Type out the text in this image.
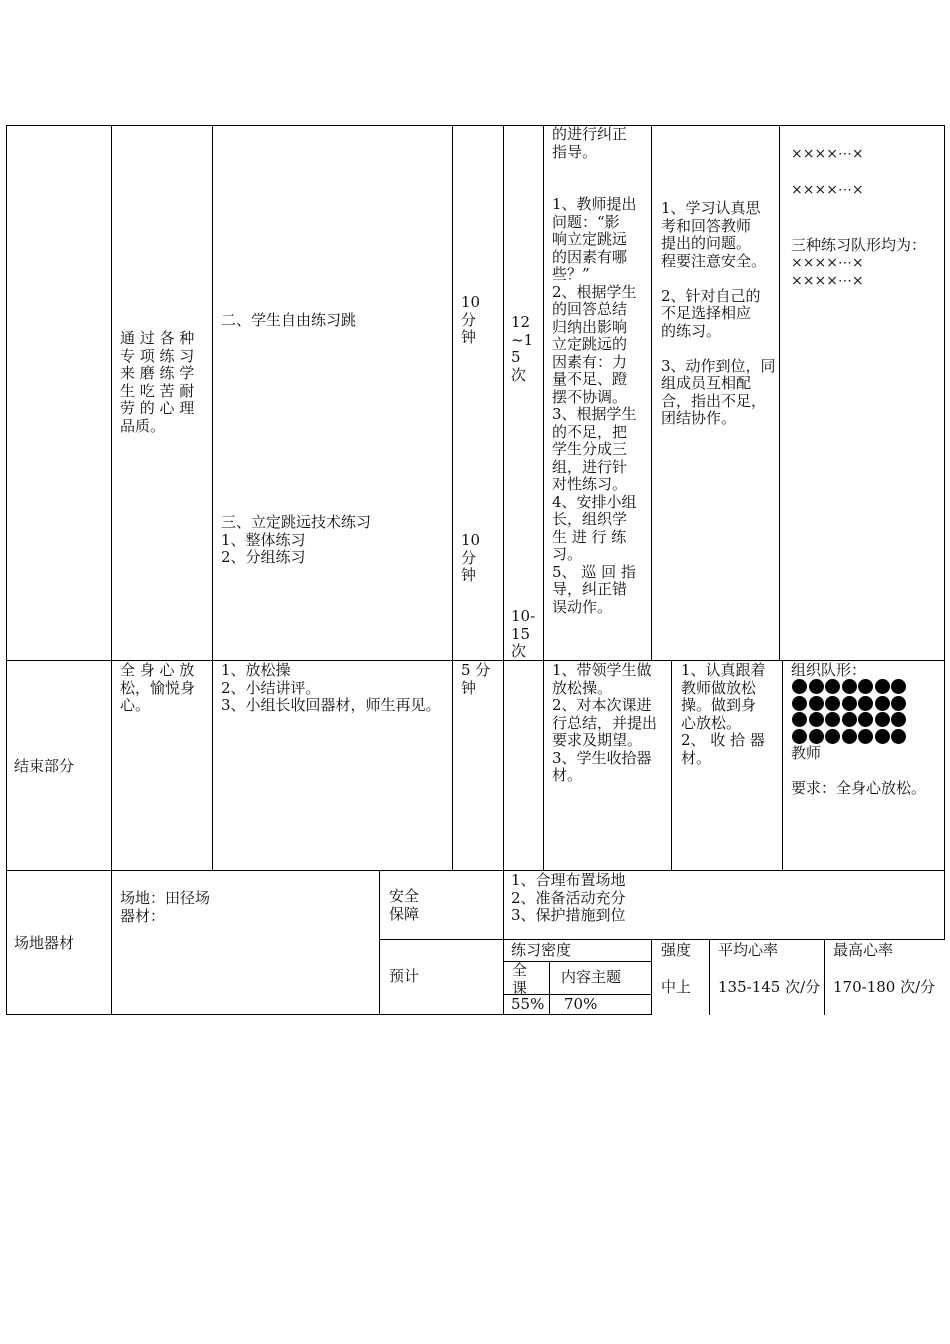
通 过 各 种
专 项 练 习
来 磨 练 学
生 吃 苦 耐
劳 的 心 理
品质。
二、学生自由练习跳
三、立定跳远技术练习
1、整体练习
2、分组练习
10
分
钟
10
分
钟
12
~1
5
次
10-
15
次
的进行纠正
指导。

1、教师提出
问题：“影
响立定跳远
的因素有哪
些？”
2、根据学生
的回答总结
归纳出影响
立定跳远的
因素有：力
量不足、蹬
摆不协调。
3、根据学生
的不足，把
学生分成三
组，进行针
对性练习。
4、安排小组
长，组织学
生 进 行 练
习。
5、 巡 回 指
导，纠正错
误动作。
1、学习认真思
考和回答教师
提出的问题。
程要注意安全。

2、针对自己的
不足选择相应
的练习。

3、动作到位，同
组成员互相配
合，指出不足，
团结协作。
××××⋯×
××××⋯×
三种练习队形均为：
××××⋯×
××××⋯×
结束部分
全 身 心 放
松，愉悦身
心。
1、放松操
2、小结讲评。
3、小组长收回器材，师生再见。
5 分
钟
1、带领学生做
放松操。
2、对本次课进
行总结，并提出
要求及期望。
3、学生收拾器
材。
1、认真跟着
教师做放松
操。做到身
心放松。
2、 收 拾 器
材。
组织队形：
教师
要求：全身心放松。
场地器材
场地：田径场
器材：
安全
保障
1、合理布置场地
2、准备活动充分
3、保护措施到位
预计
练习密度
全
课
内容主题
55% 70%
强度
中上
平均心率
135-145 次/分
最高心率
170-180 次/分
